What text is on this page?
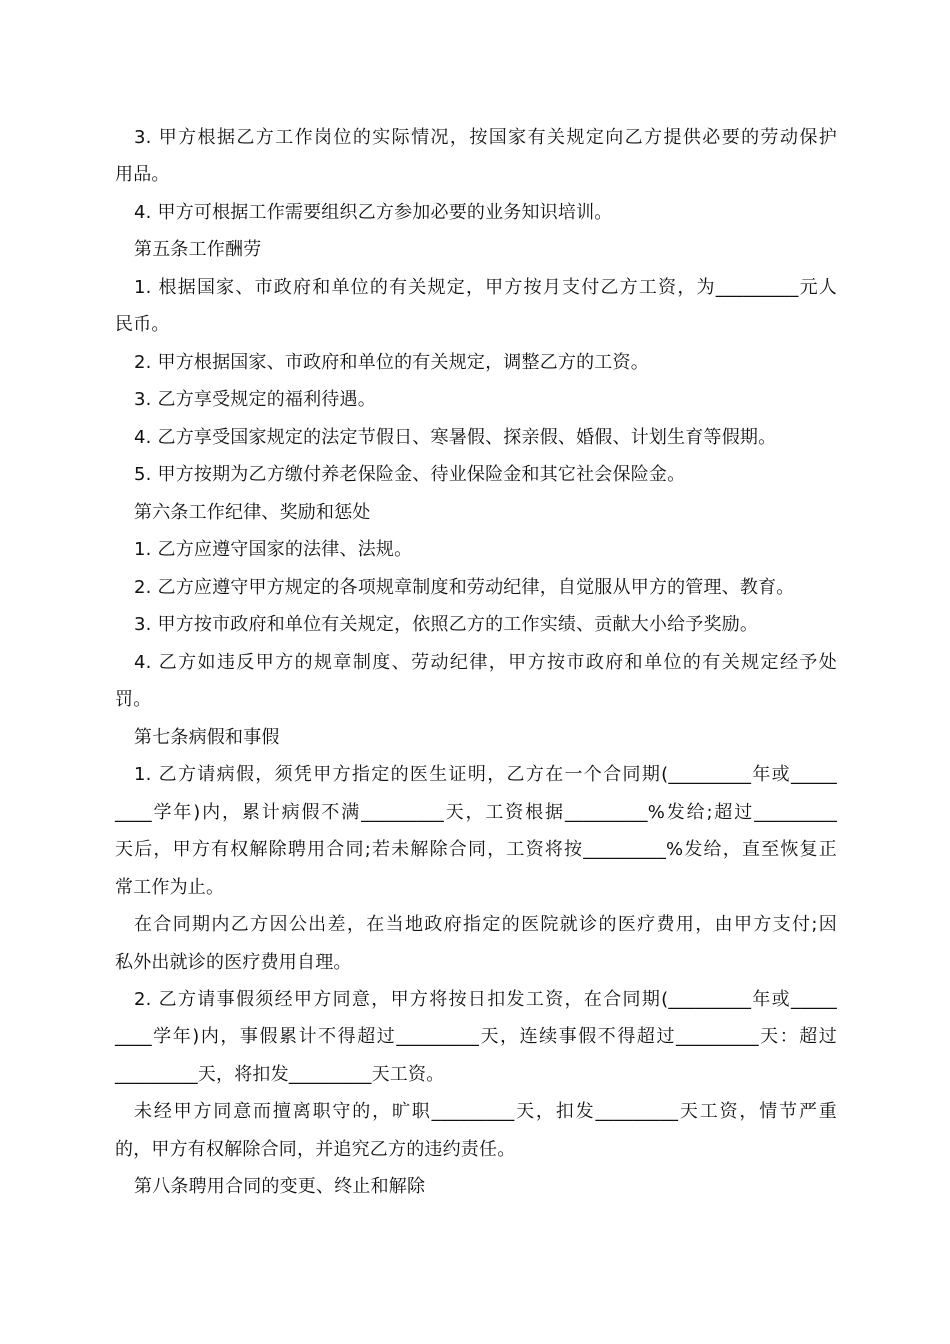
3. 甲方根据乙方工作岗位的实际情况，按国家有关规定向乙方提供必要的劳动保护
用品。
4. 甲方可根据工作需要组织乙方参加必要的业务知识培训。
第五条工作酬劳
1. 根据国家、市政府和单位的有关规定，甲方按月支付乙方工资，为_________元人
民币。
2. 甲方根据国家、市政府和单位的有关规定，调整乙方的工资。
3. 乙方享受规定的福利待遇。
4. 乙方享受国家规定的法定节假日、寒暑假、探亲假、婚假、计划生育等假期。
5. 甲方按期为乙方缴付养老保险金、待业保险金和其它社会保险金。
第六条工作纪律、奖励和惩处
1. 乙方应遵守国家的法律、法规。
2. 乙方应遵守甲方规定的各项规章制度和劳动纪律，自觉服从甲方的管理、教育。
3. 甲方按市政府和单位有关规定，依照乙方的工作实绩、贡献大小给予奖励。
4. 乙方如违反甲方的规章制度、劳动纪律，甲方按市政府和单位的有关规定经予处
罚。
第七条病假和事假
1. 乙方请病假，须凭甲方指定的医生证明，乙方在一个合同期(_________年或_____
____学年)内，累计病假不满_________天，工资根据_________%发给;超过_________
天后，甲方有权解除聘用合同;若未解除合同，工资将按_________%发给，直至恢复正
常工作为止。
在合同期内乙方因公出差，在当地政府指定的医院就诊的医疗费用，由甲方支付;因
私外出就诊的医疗费用自理。
2. 乙方请事假须经甲方同意，甲方将按日扣发工资，在合同期(_________年或_____
____学年)内，事假累计不得超过_________天，连续事假不得超过_________天：超过
_________天，将扣发_________天工资。
未经甲方同意而擅离职守的，旷职_________天，扣发_________天工资，情节严重
的，甲方有权解除合同，并追究乙方的违约责任。
第八条聘用合同的变更、终止和解除
